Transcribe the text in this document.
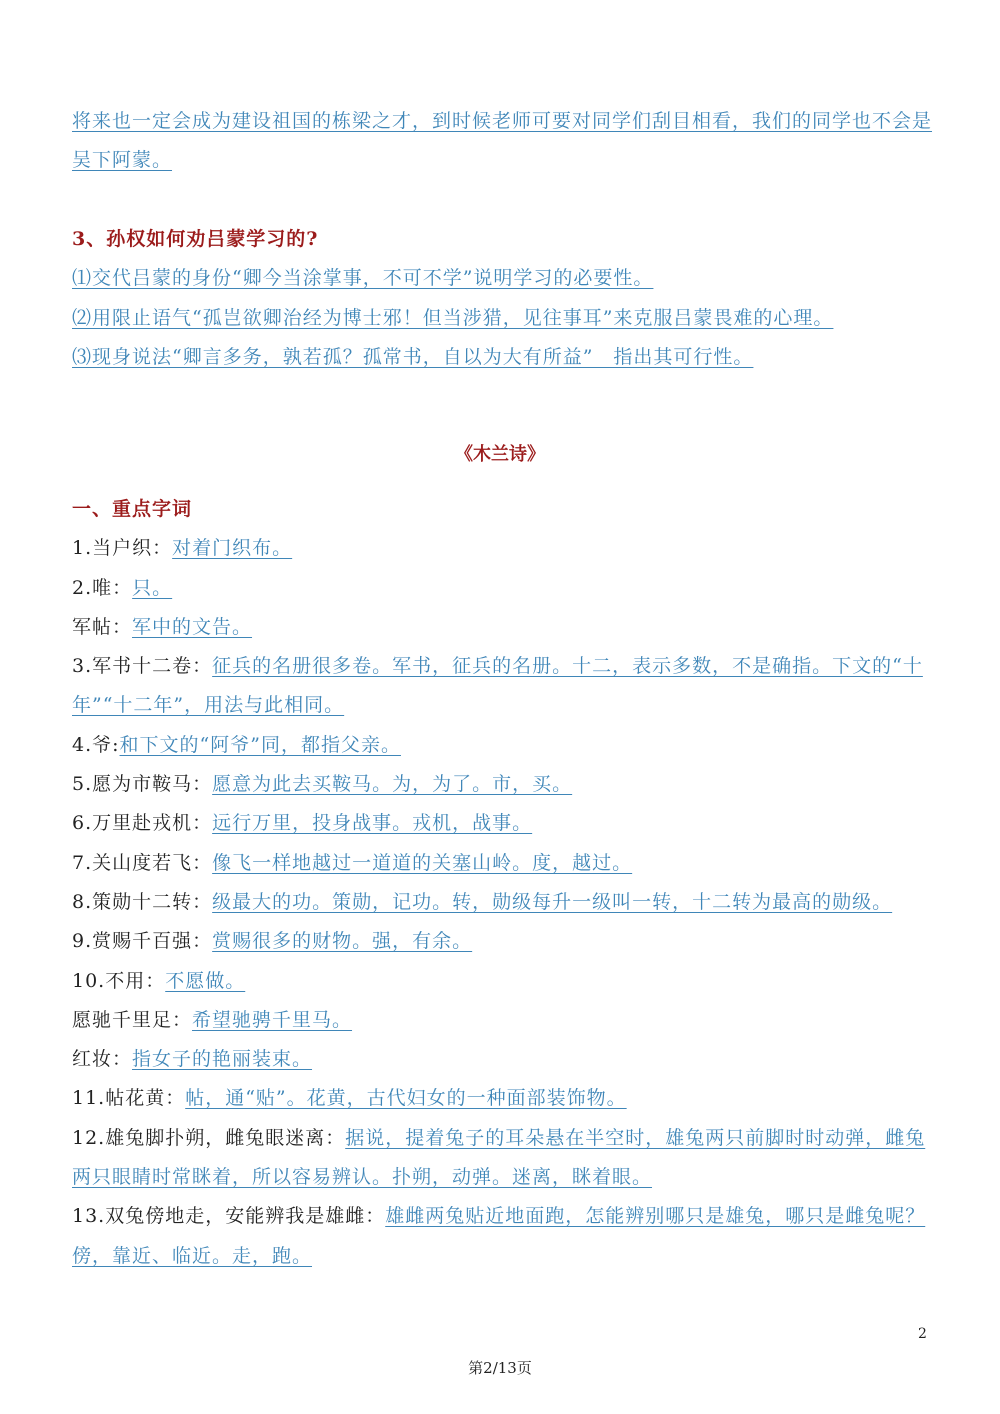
将来也一定会成为建设祖国的栋梁之才，到时候老师可要对同学们刮目相看，我们的同学也不会是吴下阿蒙。

3、孙权如何劝吕蒙学习的?

⑴交代吕蒙的身份“卿今当涂掌事，不可不学”说明学习的必要性。

⑵用限止语气“孤岂欲卿治经为博士邪！但当涉猎，见往事耳”来克服吕蒙畏难的心理。

⑶现身说法“卿言多务，孰若孤？孤常书，自以为大有所益”　指出其可行性。

《木兰诗》

一、重点字词

1.当户织：对着门织布。

2.唯：只。

军帖：军中的文告。

3.军书十二卷：征兵的名册很多卷。军书，征兵的名册。十二，表示多数，不是确指。下文的“十年”“十二年”，用法与此相同。

4.爷:和下文的“阿爷”同，都指父亲。

5.愿为市鞍马：愿意为此去买鞍马。为，为了。市，买。

6.万里赴戎机：远行万里，投身战事。戎机，战事。

7.关山度若飞：像飞一样地越过一道道的关塞山岭。度，越过。

8.策勋十二转：级最大的功。策勋，记功。转，勋级每升一级叫一转，十二转为最高的勋级。

9.赏赐千百强：赏赐很多的财物。强，有余。

10.不用：不愿做。

愿驰千里足：希望驰骋千里马。

红妆：指女子的艳丽装束。

11.帖花黄：帖，通“贴”。花黄，古代妇女的一种面部装饰物。

12.雄兔脚扑朔，雌兔眼迷离：据说，提着兔子的耳朵悬在半空时，雄兔两只前脚时时动弹，雌兔两只眼睛时常眯着，所以容易辨认。扑朔，动弹。迷离，眯着眼。

13.双兔傍地走，安能辨我是雄雌：雄雌两兔贴近地面跑，怎能辨别哪只是雄兔，哪只是雌兔呢？傍，靠近、临近。走，跑。

2
第2/13页
